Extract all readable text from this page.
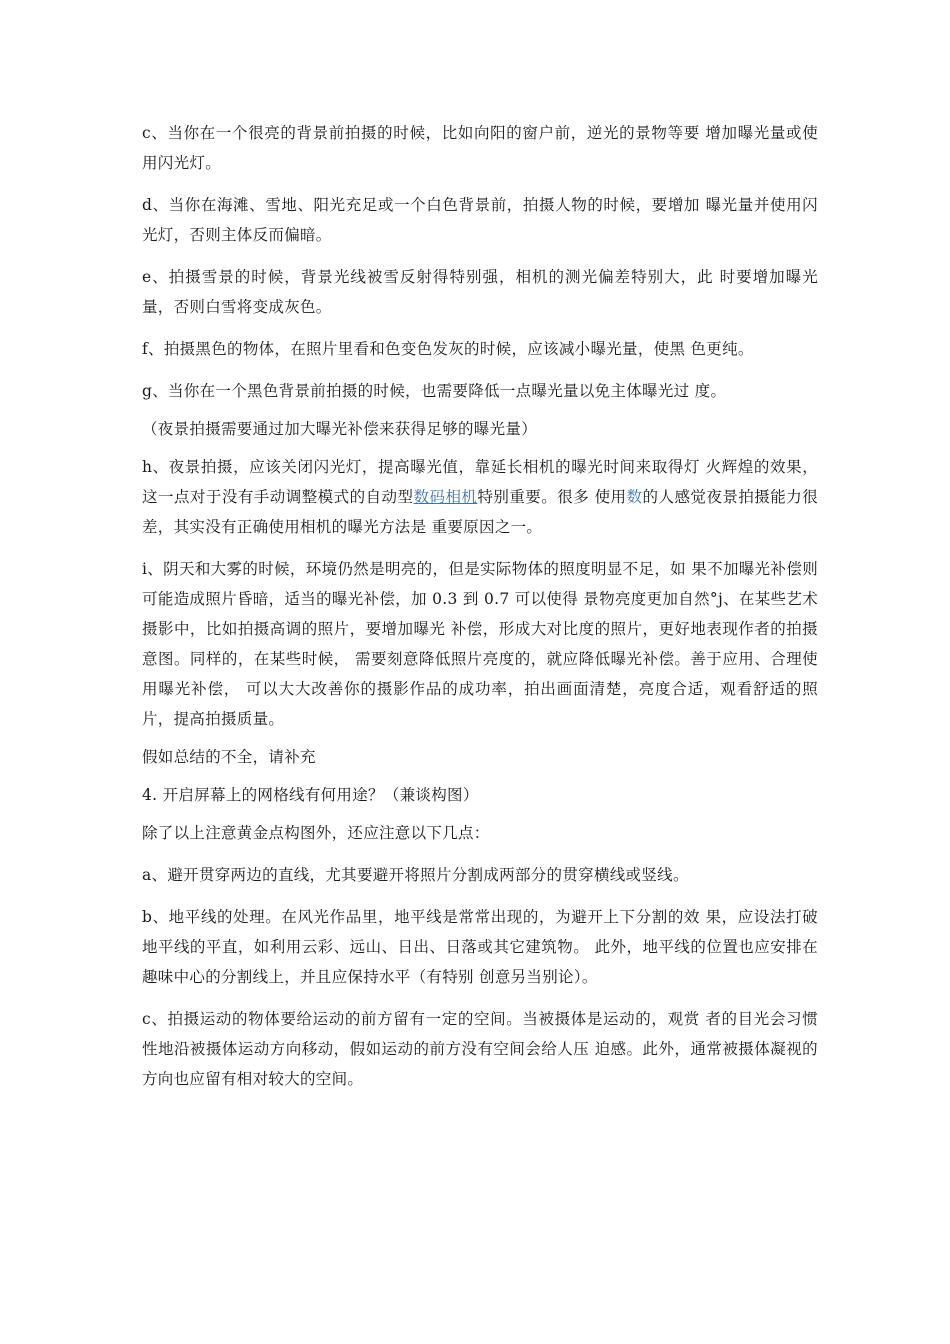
c、当你在一个很亮的背景前拍摄的时候，比如向阳的窗户前，逆光的景物等要 增加曝光量或使用闪光灯。

d、当你在海滩、雪地、阳光充足或一个白色背景前，拍摄人物的时候，要增加 曝光量并使用闪光灯，否则主体反而偏暗。

e、拍摄雪景的时候，背景光线被雪反射得特别强，相机的测光偏差特别大，此 时要增加曝光量，否则白雪将变成灰色。

f、拍摄黑色的物体，在照片里看和色变色发灰的时候，应该减小曝光量，使黑 色更纯。

g、当你在一个黑色背景前拍摄的时候，也需要降低一点曝光量以免主体曝光过 度。

（夜景拍摄需要通过加大曝光补偿来获得足够的曝光量）

h、夜景拍摄，应该关闭闪光灯，提高曝光值，靠延长相机的曝光时间来取得灯 火辉煌的效果，这一点对于没有手动调整模式的自动型数码相机特别重要。很多 使用数的人感觉夜景拍摄能力很差，其实没有正确使用相机的曝光方法是 重要原因之一。

i、阴天和大雾的时候，环境仍然是明亮的，但是实际物体的照度明显不足，如 果不加曝光补偿则可能造成照片昏暗，适当的曝光补偿，加 0.3 到 0.7 可以使得 景物亮度更加自然°j、在某些艺术摄影中，比如拍摄高调的照片，要增加曝光 补偿，形成大对比度的照片，更好地表现作者的拍摄意图。同样的，在某些时候， 需要刻意降低照片亮度的，就应降低曝光补偿。善于应用、合理使用曝光补偿， 可以大大改善你的摄影作品的成功率，拍出画面清楚，亮度合适，观看舒适的照 片，提高拍摄质量。

假如总结的不全，请补充

4. 开启屏幕上的网格线有何用途？（兼谈构图）

除了以上注意黄金点构图外，还应注意以下几点：

a、避开贯穿两边的直线，尤其要避开将照片分割成两部分的贯穿横线或竖线。

b、地平线的处理。在风光作品里，地平线是常常出现的，为避开上下分割的效 果，应设法打破地平线的平直，如利用云彩、远山、日出、日落或其它建筑物。 此外，地平线的位置也应安排在趣味中心的分割线上，并且应保持水平（有特别 创意另当别论）。

c、拍摄运动的物体要给运动的前方留有一定的空间。当被摄体是运动的，观赏 者的目光会习惯性地沿被摄体运动方向移动，假如运动的前方没有空间会给人压 迫感。此外，通常被摄体凝视的方向也应留有相对较大的空间。
